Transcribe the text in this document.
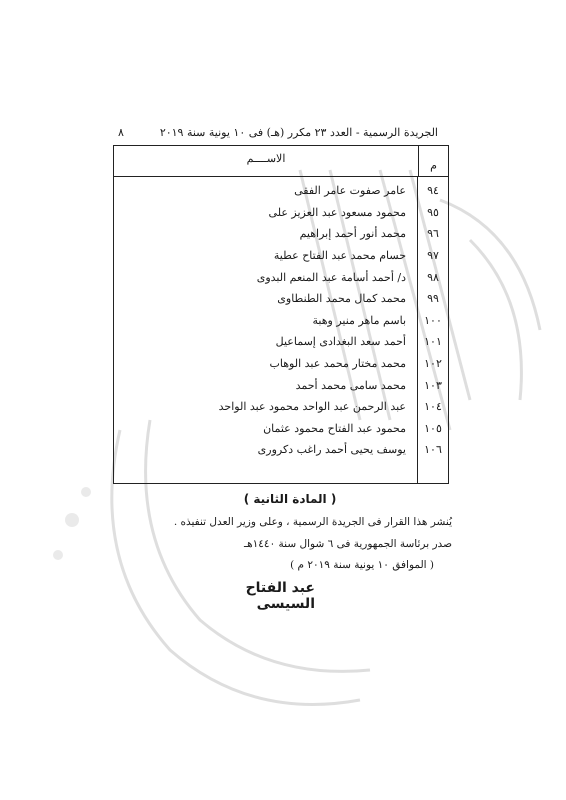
الجريدة الرسمية - العدد ٢٣ مكرر (هـ) فى ١٠ يونية سنة ٢٠١٩
٨
م
الاســــم
٩٤
عامر صفوت عامر الفقى
٩٥
محمود مسعود عبد العزيز على
٩٦
محمد أنور أحمد إبراهيم
٩٧
حسام محمد عبد الفتاح عطية
٩٨
د/ أحمد أسامة عبد المنعم البدوى
٩٩
محمد كمال محمد الطنطاوى
١٠٠
باسم ماهر منير وهبة
١٠١
أحمد سعد البغدادى إسماعيل
١٠٢
محمد مختار محمد عبد الوهاب
١٠٣
محمد سامى محمد أحمد
١٠٤
عبد الرحمن عبد الواحد محمود عبد الواحد
١٠٥
محمود عبد الفتاح محمود عثمان
١٠٦
يوسف يحيى أحمد راغب دكرورى
( المادة الثانية )
يُنشر هذا القرار فى الجريدة الرسمية ، وعلى وزير العدل تنفيذه .
صدر برئاسة الجمهورية فى ٦ شوال سنة ١٤٤٠هـ
( الموافق ١٠ يونية سنة ٢٠١٩ م )
عبد الفتاح السيسى
